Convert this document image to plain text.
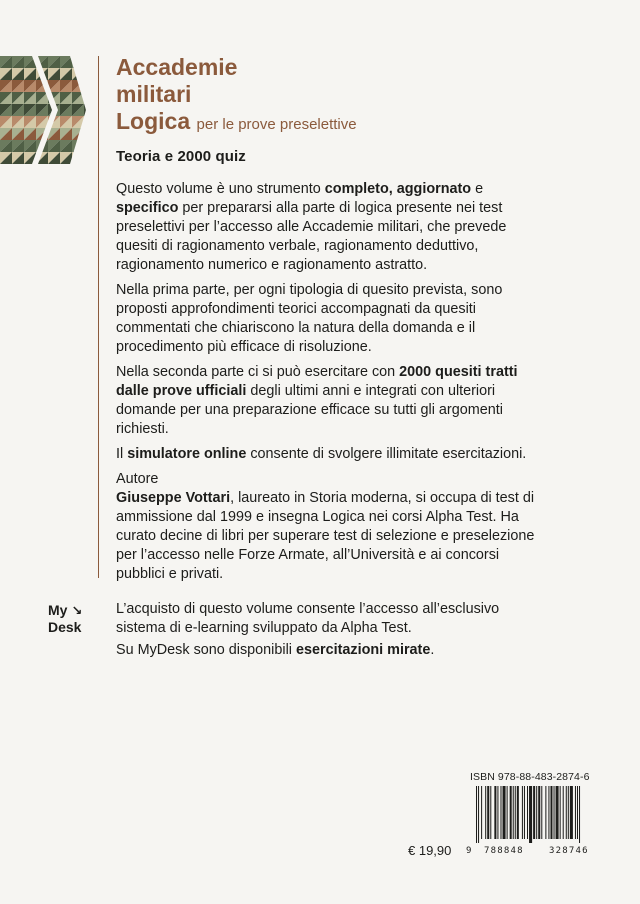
Accademie
militari
Logica per le prove preselettive
Teoria e 2000 quiz

Questo volume è uno strumento completo, aggiornato e specifico per prepararsi alla parte di logica presente nei test preselettivi per l’accesso alle Accademie militari, che prevede quesiti di ragionamento verbale, ragionamento deduttivo, ragionamento numerico e ragionamento astratto.

Nella prima parte, per ogni tipologia di quesito prevista, sono proposti approfondimenti teorici accompagnati da quesiti commentati che chiariscono la natura della domanda e il procedimento più efficace di risoluzione.

Nella seconda parte ci si può esercitare con 2000 quesiti tratti dalle prove ufficiali degli ultimi anni e integrati con ulteriori domande per una preparazione efficace su tutti gli argomenti richiesti.

Il simulatore online consente di svolgere illimitate esercitazioni.

Autore

Giuseppe Vottari, laureato in Storia moderna, si occupa di test di ammissione dal 1999 e insegna Logica nei corsi Alpha Test. Ha curato decine di libri per superare test di selezione e preselezione per l’accesso nelle Forze Armate, all’Università e ai concorsi pubblici e privati.

My ↘
Desk

L’acquisto di questo volume consente l’accesso all’esclusivo sistema di e-learning sviluppato da Alpha Test.

Su MyDesk sono disponibili esercitazioni mirate.

ISBN 978-88-483-2874-6
9 788848	328746
€ 19,90
